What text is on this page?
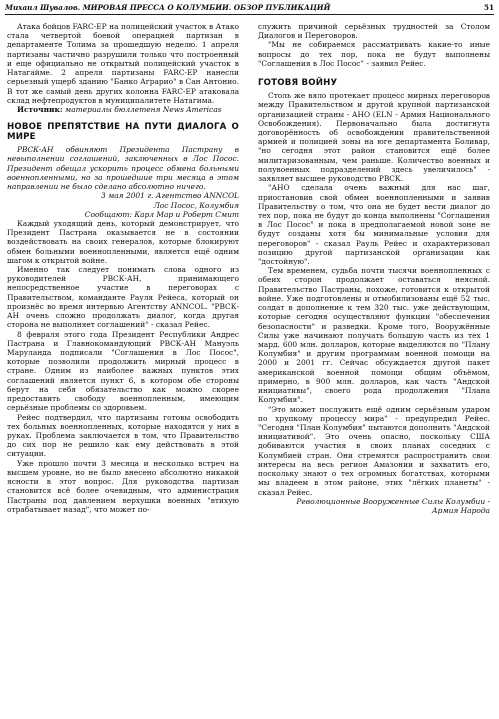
Михаил Шувалов. МИРОВАЯ ПРЕССА О КОЛУМБИИ. ОБЗОР ПУБЛИКАЦИЙ	51

Атака бойцов FARC-EP на полицейский участок в Атако стала четвертой боевой операцией партизан в департаменте Толима за прошедшую неделю. 1 апреля партизаны частично разрушили только что построенный и еще официально не открытый полицейский участок в Натагайме. 2 апреля партизаны FARC-EP нанесли серьезный ущерб зданию "Банко Аграрио" в Сан Антонио. В тот же самый день других колонна FARC-EP атаковала склад нефтепродуктов в муниципалитете Натагима.

Источник: материалы бюллетеня News Americas

НОВОЕ ПРЕПЯТСТВИЕ НА ПУТИ ДИАЛОГА О МИРЕ

РВСК-АН обвиняют Президента Пастрану в невыполнении соглашений, заключенных в Лос Посос. Президент обещал ускорить процесс обмена больными военнопленными, но за прошедшие три месяца в этом направлении не было сделано абсолютно ничего.

3 мая 2001 г. Агентство ANNCOL

Лос Посос, Колумбия

Сообщают: Карл Мар и Роберт Смит

Каждый уходящий день, который демонстрирует, что Президент Пастрана оказывается не в состоянии воздействовать на своих генералов, которые блокируют обмен больными военнопленными, является ещё одним шагом к открытой войне.

Именно так следует понимать слова одного из руководителей РВСК-АН, принимающего непосредственное участие в переговорах с Правительством, команданте Рауля Рейеса, который он произнёс во время интервью Агентству ANNCOL. "РВСК-АН очень сложно продолжать диалог, когда другая сторона не выполняет соглашений" - сказал Рейес.

8 февраля этого года Президент Республики Андрес Пастрана и Главнокомандующий РВСК-АН Мануэль Маруланда подписали "Соглашения в Лос Посос", которые позволили продолжить мирный процесс в стране. Одним из наиболее важных пунктов этих соглашений является пункт 6, в котором обе стороны берут на себя обязательство как можно скорее предоставить свободу военнопленным, имеющим серьёзные проблемы со здоровьем.

Рейес подтвердил, что партизаны готовы освободить тех больных военнопленных, которые находятся у них в руках. Проблема заключается в том, что Правительство до сих пор не решило как ему действовать в этой ситуации.

Уже прошло почти 3 месяца и несколько встреч на высшем уровне, но не было внесено абсолютно никакой ясности в этот вопрос. Для руководства партизан становится всё более очевидным, что администрация Пастраны под давлением верхушки военных "втихую отрабатывает назад", что может по-

служить причиной серьёзных трудностей за Столом Диалогов и Переговоров.

"Мы не собираемся рассматривать какие-то иные вопросы до тех пор, пока не будут выполнены "Соглашения в Лос Посос" - заявил Рейес.

ГОТОВЯ ВОЙНУ

Столь же вяло протекает процесс мирных переговоров между Правительством и другой крупной партизанской организацией страны - АНО (ELN - Армия Национального Освобождения). Первоначально была достигнута договорённость об освобождении правительственной армией и полицией зоны на юге департамента Боливар, "но сегодня этот район становится ещё более милитаризованным, чем раньше. Количество военных и полувоенных подразделений здесь увеличилось" - заявляет высшее руководство РВСК.

"АНО сделала очень важный для нас шаг, приостановив свой обмен военнопленными и заявив Правительству о том, что она не будет вести диалог до тех пор, пока не будут до конца выполнены "Соглашения в Лос Посос" и пока в предполагаемой новой зоне не будут созданы хотя бы минимальные условия для переговоров" - сказал Рауль Рейес и охарактеризовал позицию другой партизанской организации как "достойную".

Тем временем, судьба почти тысячи военнопленных с обеих сторон продолжает оставаться неясной. Правительство Пастраны, похоже, готовится к открытой войне. Уже подготовлены и отмобилизованы ещё 52 тыс. солдат в дополнение к тем 320 тыс. уже действующим, которые сегодня осуществляют функции "обеспечения безопасности" и разведки. Кроме того, Вооружённые Силы уже начинают получать большую часть из тех 1 мард. 600 млн. долларов, которые выделяются по "Плану Колумбия" и другим программам военной помощи на 2000 и 2001 гг. Сейчас обсуждается другой пакет американской военной помощи общим объёмом, примерно, в 900 млн. долларов, как часть "Андской инициативы", своего рода продолжения "Плана Колумбия".

"Это может послужить ещё одним серьёзным ударом по хрупкому процессу мира" - предупредил Рейес. "Сегодня "План Колумбия" пытаются дополнить "Андской инициативой". Это очень опасно, поскольку США добиваются участия в своих планах соседних с Колумбией стран. Они стремятся распространить свои интересы на весь регион Амазонии и захватить его, поскольку знают о тех огромных богатствах, которыми мы владеем в этом районе, этих "лёгких планеты" - сказал Рейес.

Революционные Вооруженные Силы Колумбии -

Армия Народа
